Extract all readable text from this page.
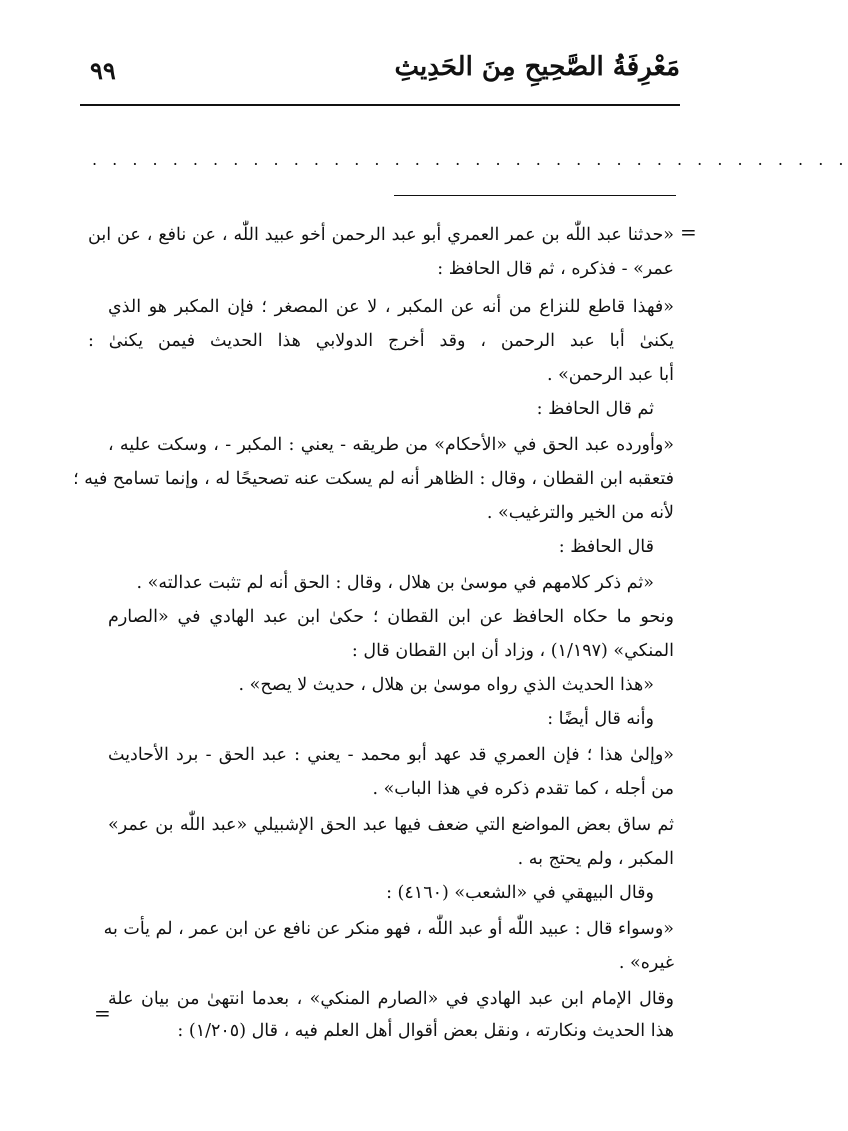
مَعْرِفَةُ الصَّحِيحِ مِنَ الحَدِيثِ
٩٩
. . . . . . . . . . . . . . . . . . . . . . . . . . . . . . . . . . . . . .
=
«حدثنا عبد اللّٰه بن عمر العمري أبو عبد الرحمن أخو عبيد اللّٰه ، عن نافع ، عن ابن
عمر» - فذكره ، ثم قال الحافظ :
«فهذا قاطع للنزاع من أنه عن المكبر ، لا عن المصغر ؛ فإن المكبر هو الذي
يكنىٰ أبا عبد الرحمن ، وقد أخرج الدولابي هذا الحديث فيمن يكنىٰ :
أبا عبد الرحمن» .
ثم قال الحافظ :
«وأورده عبد الحق في «الأحكام» من طريقه - يعني : المكبر - ، وسكت عليه ،
فتعقبه ابن القطان ، وقال : الظاهر أنه لم يسكت عنه تصحيحًا له ، وإنما تسامح فيه ؛
لأنه من الخير والترغيب» .
قال الحافظ :
«ثم ذكر كلامهم في موسىٰ بن هلال ، وقال : الحق أنه لم تثبت عدالته» .
ونحو ما حكاه الحافظ عن ابن القطان ؛ حكىٰ ابن عبد الهادي في «الصارم
المنكي» (١/١٩٧) ، وزاد أن ابن القطان قال :
«هذا الحديث الذي رواه موسىٰ بن هلال ، حديث لا يصح» .
وأنه قال أيضًا :
«وإلىٰ هذا ؛ فإن العمري قد عهد أبو محمد - يعني : عبد الحق - برد الأحاديث
من أجله ، كما تقدم ذكره في هذا الباب» .
ثم ساق بعض المواضع التي ضعف فيها عبد الحق الإشبيلي «عبد اللّٰه بن عمر»
المكبر ، ولم يحتج به .
وقال البيهقي في «الشعب» (٤١٦٠) :
«وسواء قال : عبيد اللّٰه أو عبد اللّٰه ، فهو منكر عن نافع عن ابن عمر ، لم يأت به
غيره» .
وقال الإمام ابن عبد الهادي في «الصارم المنكي» ، بعدما انتهىٰ من بيان علة
هذا الحديث ونكارته ، ونقل بعض أقوال أهل العلم فيه ، قال (١/٢٠٥) :
=
